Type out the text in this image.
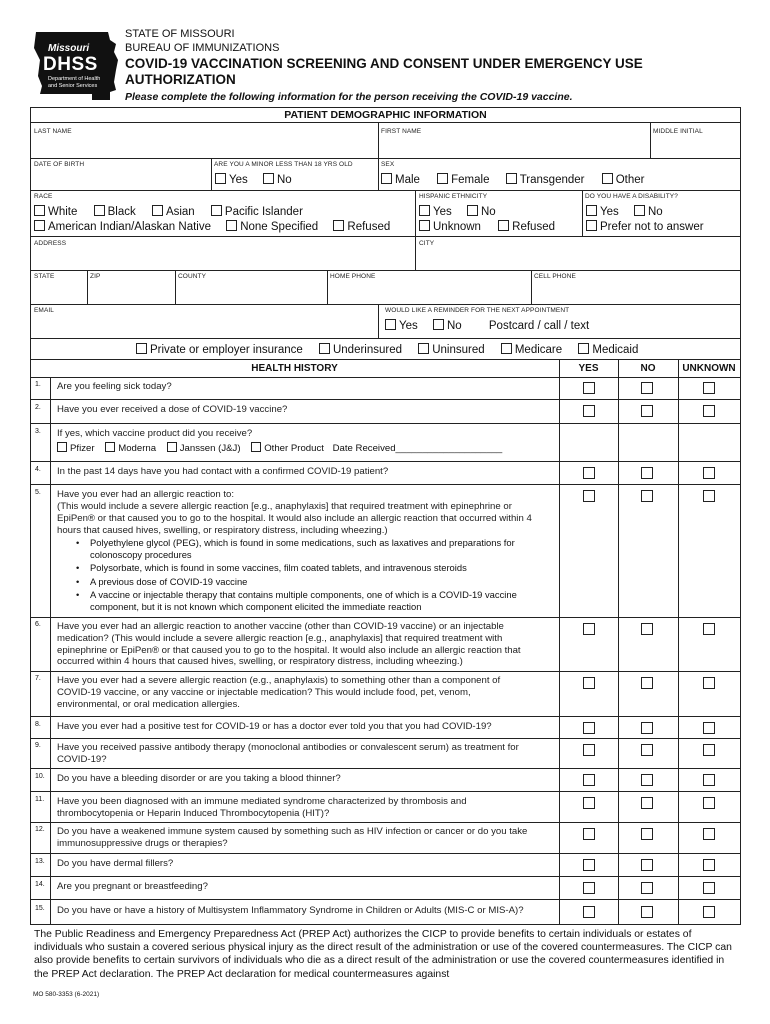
Missouri
DHSS
Department of Health
and Senior Services
STATE OF MISSOURI
BUREAU OF IMMUNIZATIONS
COVID-19 VACCINATION SCREENING AND CONSENT UNDER EMERGENCY USE
AUTHORIZATION
Please complete the following information for the person receiving the COVID-19 vaccine.
PATIENT DEMOGRAPHIC INFORMATION
LAST NAME	FIRST NAME	MIDDLE INITIAL
DATE OF BIRTH	ARE YOU A MINOR LESS THAN 18 YRS OLD
Yes	No
SEX
Male	Female	Transgender	Other
RACE
White	Black	Asian	Pacific Islander
American Indian/Alaskan Native	None Specified	Refused
HISPANIC ETHNICITY
Yes	No
Unknown	Refused
DO YOU HAVE A DISABILITY?
Yes	No
Prefer not to answer
ADDRESS	CITY
STATE	ZIP	COUNTY	HOME PHONE	CELL PHONE
EMAIL	WOULD LIKE A REMINDER FOR THE NEXT APPOINTMENT
Yes	No Postcard / call / text
Private or employer insurance	Underinsured	Uninsured	Medicare	Medicaid
HEALTH HISTORY	YES	NO	UNKNOWN
1. Are you feeling sick today?
2. Have you ever received a dose of COVID-19 vaccine?
3. If yes, which vaccine product did you receive?
Pfizer Moderna Janssen (J&J) Other Product Date Received____________________
4. In the past 14 days have you had contact with a confirmed COVID-19 patient?
5. Have you ever had an allergic reaction to:
(This would include a severe allergic reaction [e.g., anaphylaxis] that required treatment with epinephrine or EpiPen® or that caused you to go to the hospital. It would also include an allergic reaction that occurred within 4 hours that caused hives, swelling, or respiratory distress, including wheezing.)
• Polyethylene glycol (PEG), which is found in some medications, such as laxatives and preparations for colonoscopy procedures
• Polysorbate, which is found in some vaccines, film coated tablets, and intravenous steroids
• A previous dose of COVID-19 vaccine
• A vaccine or injectable therapy that contains multiple components, one of which is a COVID-19 vaccine component, but it is not known which component elicited the immediate reaction
6. Have you ever had an allergic reaction to another vaccine (other than COVID-19 vaccine) or an injectable medication? (This would include a severe allergic reaction [e.g., anaphylaxis] that required treatment with epinephrine or EpiPen® or that caused you to go to the hospital. It would also include an allergic reaction that occurred within 4 hours that caused hives, swelling, or respiratory distress, including wheezing.)
7. Have you ever had a severe allergic reaction (e.g., anaphylaxis) to something other than a component of COVID-19 vaccine, or any vaccine or injectable medication? This would include food, pet, venom, environmental, or oral medication allergies.
8. Have you ever had a positive test for COVID-19 or has a doctor ever told you that you had COVID-19?
9. Have you received passive antibody therapy (monoclonal antibodies or convalescent serum) as treatment for COVID-19?
10. Do you have a bleeding disorder or are you taking a blood thinner?
11. Have you been diagnosed with an immune mediated syndrome characterized by thrombosis and thrombocytopenia or Heparin Induced Thrombocytopenia (HIT)?
12. Do you have a weakened immune system caused by something such as HIV infection or cancer or do you take immunosuppressive drugs or therapies?
13. Do you have dermal fillers?
14. Are you pregnant or breastfeeding?
15. Do you have or have a history of Multisystem Inflammatory Syndrome in Children or Adults (MIS-C or MIS-A)?
The Public Readiness and Emergency Preparedness Act (PREP Act) authorizes the CICP to provide benefits to certain individuals or estates of individuals who sustain a covered serious physical injury as the direct result of the administration or use of the covered countermeasures. The CICP can also provide benefits to certain survivors of individuals who die as a direct result of the administration or use the covered countermeasures identified in the PREP Act declaration. The PREP Act declaration for medical countermeasures against
MO 580-3353 (6-2021)
